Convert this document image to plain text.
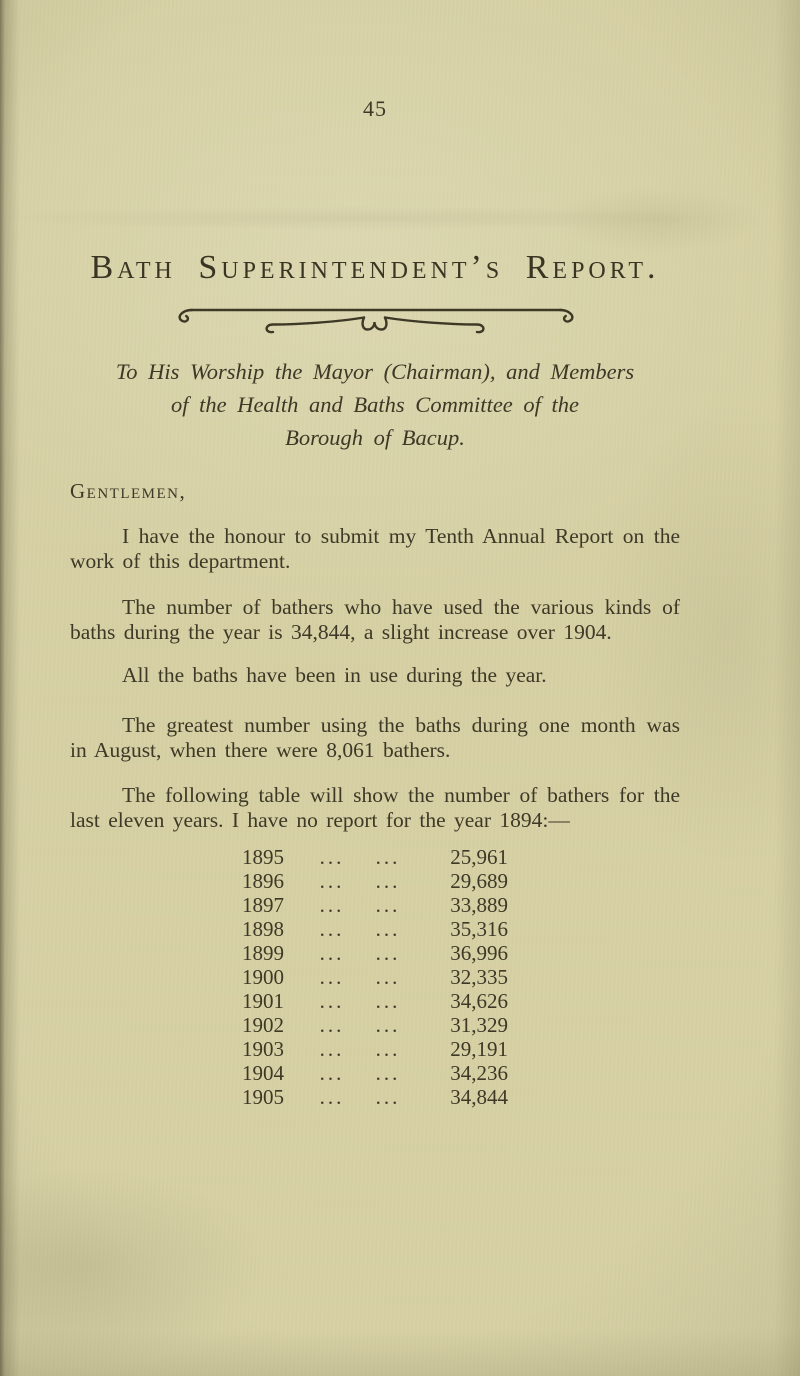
45
Bath Superintendent’s Report.
To His Worship the Mayor (Chairman), and Members
of the Health and Baths Committee of the
Borough of Bacup.
Gentlemen,

I have the honour to submit my Tenth Annual Report on the work of this department.

The number of bathers who have used the various kinds of baths during the year is 34,844, a slight increase over 1904.

All the baths have been in use during the year.

The greatest number using the baths during one month was in August, when there were 8,061 bathers.

The following table will show the number of bathers for the last eleven years. I have no report for the year 1894:—

1895	...	...	25,961
1896	...	...	29,689
1897	...	...	33,889
1898	...	...	35,316
1899	...	...	36,996
1900	...	...	32,335
1901	...	...	34,626
1902	...	...	31,329
1903	...	...	29,191
1904	...	...	34,236
1905	...	...	34,844
